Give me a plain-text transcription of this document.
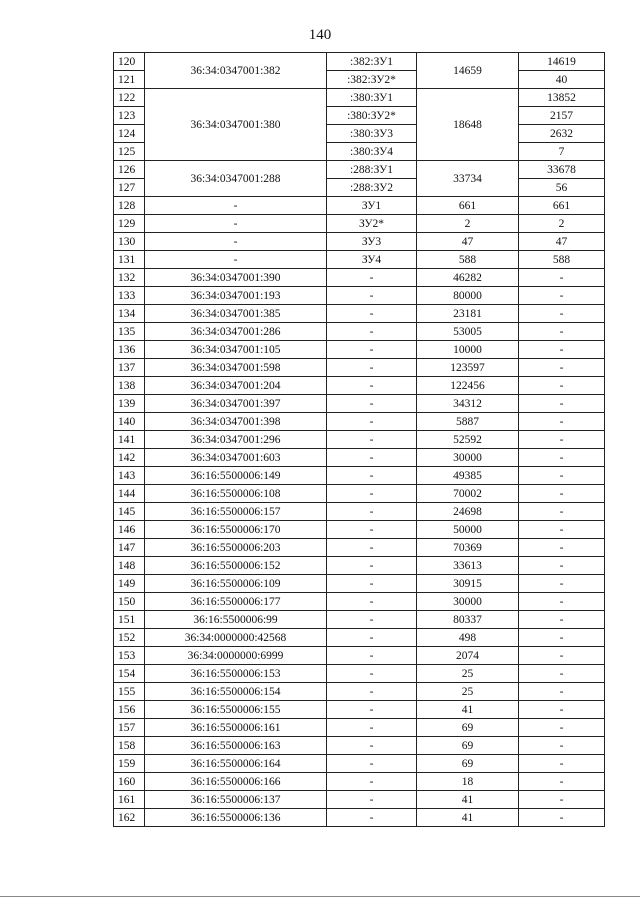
140
120	36:34:0347001:382	:382:ЗУ1	14659	14619
121		:382:ЗУ2*		40
122	36:34:0347001:380	:380:ЗУ1	18648	13852
123		:380:ЗУ2*		2157
124		:380:ЗУ3		2632
125		:380:ЗУ4		7
126	36:34:0347001:288	:288:ЗУ1	33734	33678
127		:288:ЗУ2		56
128	-	ЗУ1	661	661
129	-	ЗУ2*	2	2
130	-	ЗУ3	47	47
131	-	ЗУ4	588	588
132	36:34:0347001:390	-	46282	-
133	36:34:0347001:193	-	80000	-
134	36:34:0347001:385	-	23181	-
135	36:34:0347001:286	-	53005	-
136	36:34:0347001:105	-	10000	-
137	36:34:0347001:598	-	123597	-
138	36:34:0347001:204	-	122456	-
139	36:34:0347001:397	-	34312	-
140	36:34:0347001:398	-	5887	-
141	36:34:0347001:296	-	52592	-
142	36:34:0347001:603	-	30000	-
143	36:16:5500006:149	-	49385	-
144	36:16:5500006:108	-	70002	-
145	36:16:5500006:157	-	24698	-
146	36:16:5500006:170	-	50000	-
147	36:16:5500006:203	-	70369	-
148	36:16:5500006:152	-	33613	-
149	36:16:5500006:109	-	30915	-
150	36:16:5500006:177	-	30000	-
151	36:16:5500006:99	-	80337	-
152	36:34:0000000:42568	-	498	-
153	36:34:0000000:6999	-	2074	-
154	36:16:5500006:153	-	25	-
155	36:16:5500006:154	-	25	-
156	36:16:5500006:155	-	41	-
157	36:16:5500006:161	-	69	-
158	36:16:5500006:163	-	69	-
159	36:16:5500006:164	-	69	-
160	36:16:5500006:166	-	18	-
161	36:16:5500006:137	-	41	-
162	36:16:5500006:136	-	41	-
